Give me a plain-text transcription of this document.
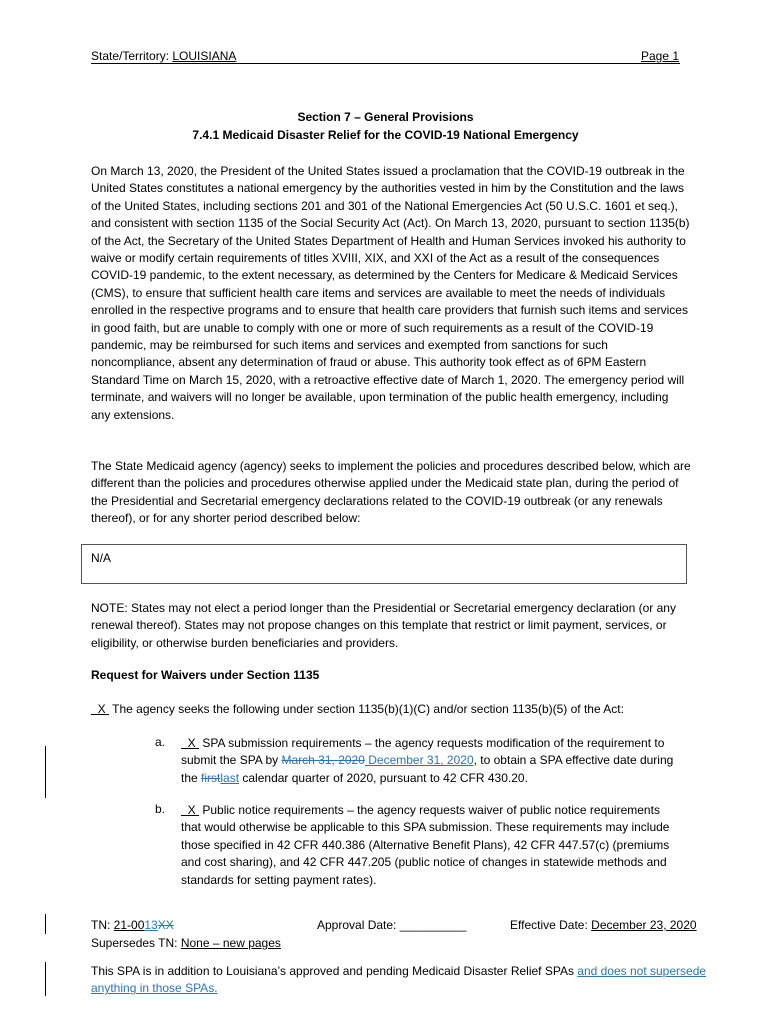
State/Territory: LOUISIANA	Page 1
Section 7 – General Provisions
7.4.1 Medicaid Disaster Relief for the COVID-19 National Emergency
On March 13, 2020, the President of the United States issued a proclamation that the COVID-19 outbreak in the United States constitutes a national emergency by the authorities vested in him by the Constitution and the laws of the United States, including sections 201 and 301 of the National Emergencies Act (50 U.S.C. 1601 et seq.), and consistent with section 1135 of the Social Security Act (Act). On March 13, 2020, pursuant to section 1135(b) of the Act, the Secretary of the United States Department of Health and Human Services invoked his authority to waive or modify certain requirements of titles XVIII, XIX, and XXI of the Act as a result of the consequences COVID-19 pandemic, to the extent necessary, as determined by the Centers for Medicare & Medicaid Services (CMS), to ensure that sufficient health care items and services are available to meet the needs of individuals enrolled in the respective programs and to ensure that health care providers that furnish such items and services in good faith, but are unable to comply with one or more of such requirements as a result of the COVID-19 pandemic, may be reimbursed for such items and services and exempted from sanctions for such noncompliance, absent any determination of fraud or abuse. This authority took effect as of 6PM Eastern Standard Time on March 15, 2020, with a retroactive effective date of March 1, 2020. The emergency period will terminate, and waivers will no longer be available, upon termination of the public health emergency, including any extensions.
The State Medicaid agency (agency) seeks to implement the policies and procedures described below, which are different than the policies and procedures otherwise applied under the Medicaid state plan, during the period of the Presidential and Secretarial emergency declarations related to the COVID-19 outbreak (or any renewals thereof), or for any shorter period described below:
N/A
NOTE: States may not elect a period longer than the Presidential or Secretarial emergency declaration (or any renewal thereof). States may not propose changes on this template that restrict or limit payment, services, or eligibility, or otherwise burden beneficiaries and providers.
Request for Waivers under Section 1135
X  The agency seeks the following under section 1135(b)(1)(C) and/or section 1135(b)(5) of the Act:
a.	X  SPA submission requirements – the agency requests modification of the requirement to submit the SPA by March 31, 2020 December 31, 2020, to obtain a SPA effective date during the firstlast calendar quarter of 2020, pursuant to 42 CFR 430.20.
b.	X  Public notice requirements – the agency requests waiver of public notice requirements that would otherwise be applicable to this SPA submission. These requirements may include those specified in 42 CFR 440.386 (Alternative Benefit Plans), 42 CFR 447.57(c) (premiums and cost sharing), and 42 CFR 447.205 (public notice of changes in statewide methods and standards for setting payment rates).
TN: 21-0013XX	Approval Date: __________	Effective Date: December 23, 2020
Supersedes TN: None – new pages
This SPA is in addition to Louisiana’s approved and pending Medicaid Disaster Relief SPAs and does not supersede anything in those SPAs.
